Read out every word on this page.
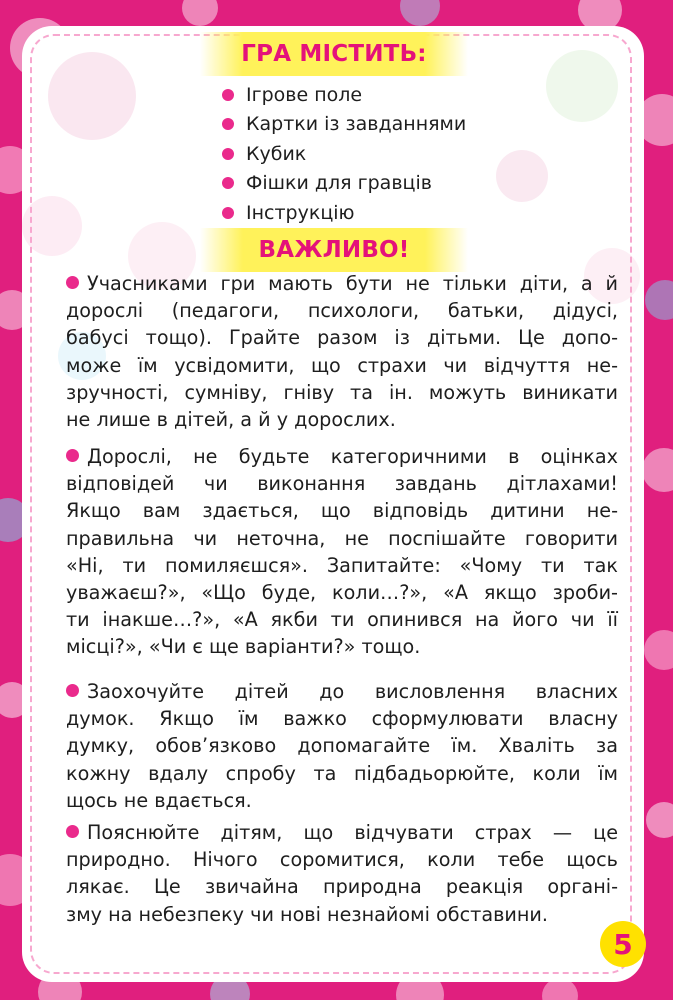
ГРА МІСТИТЬ:
Ігрове поле
Картки із завданнями
Кубик
Фішки для гравців
Інструкцію
ВАЖЛИВО!

Учасниками гри мають бути не тільки діти, а й
дорослі (педагоги, психологи, батьки, дідусі,
бабусі тощо). Грайте разом із дітьми. Це допо-
може їм усвідомити, що страхи чи відчуття не-
зручності, сумніву, гніву та ін. можуть виникати
не лише в дітей, а й у дорослих.

Дорослі, не будьте категоричними в оцінках
відповідей чи виконання завдань дітлахами!
Якщо вам здається, що відповідь дитини не-
правильна чи неточна, не поспішайте говорити
«Ні, ти помиляєшся». Запитайте: «Чому ти так
уважаєш?», «Що буде, коли…?», «А якщо зроби-
ти інакше…?», «А якби ти опинився на його чи її
місці?», «Чи є ще варіанти?» тощо.

Заохочуйте дітей до висловлення власних
думок. Якщо їм важко сформулювати власну
думку, обов’язково допомагайте їм. Хваліть за
кожну вдалу спробу та підбадьорюйте, коли їм
щось не вдається.

Пояснюйте дітям, що відчувати страх — це
природно. Нічого соромитися, коли тебе щось
лякає. Це звичайна природна реакція органі-
зму на небезпеку чи нові незнайомі обставини.

5
